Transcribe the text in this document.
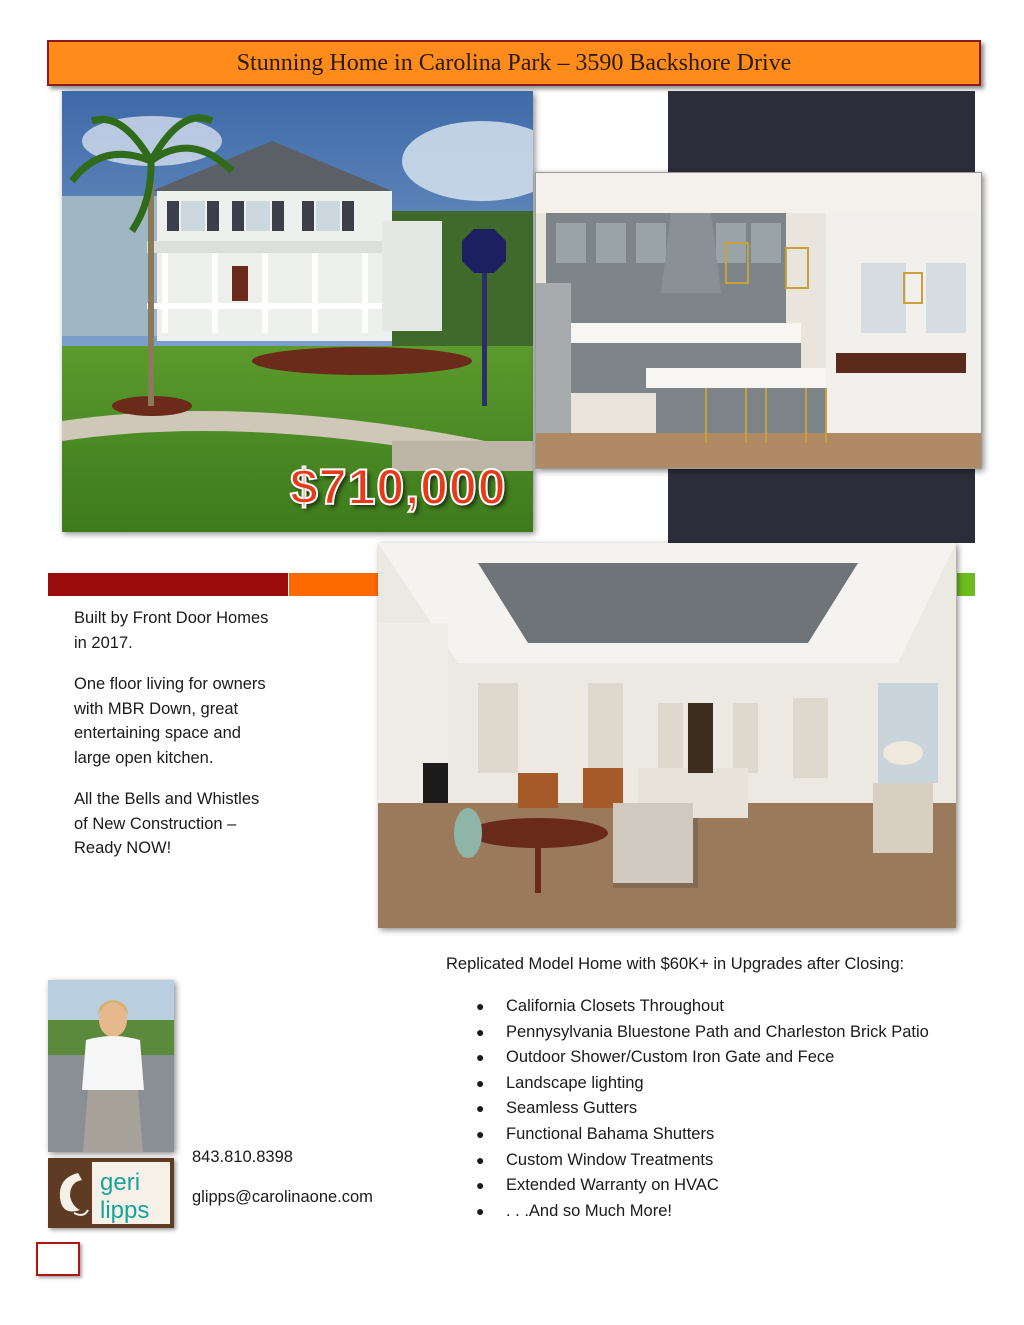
Stunning Home in Carolina Park – 3590 Backshore Drive
$710,000

Built by Front Door Homes in 2017.

One floor living for owners with MBR Down, great entertaining space and large open kitchen.

All the Bells and Whistles of New Construction – Ready NOW!

Replicated Model Home with $60K+ in Upgrades after Closing:
●	California Closets Throughout
●	Pennysylvania Bluestone Path and Charleston Brick Patio
●	Outdoor Shower/Custom Iron Gate and Fece
●	Landscape lighting
●	Seamless Gutters
●	Functional Bahama Shutters
●	Custom Window Treatments
●	Extended Warranty on HVAC
●	. . .And so Much More!
geri
lipps
843.810.8398
glipps@carolinaone.com
